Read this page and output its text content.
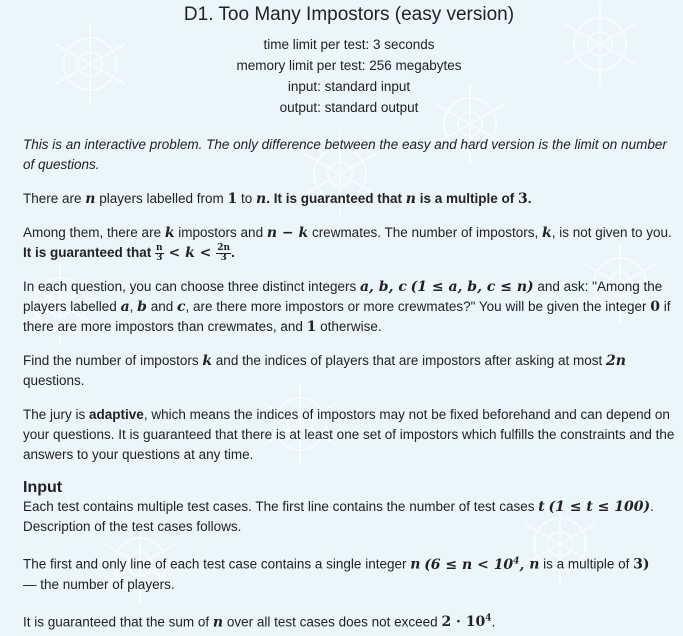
D1. Too Many Impostors (easy version)
time limit per test: 3 seconds
memory limit per test: 256 megabytes
input: standard input
output: standard output

This is an interactive problem. The only difference between the easy and hard version is the limit on number of questions.

There are n players labelled from 1 to n. It is guaranteed that n is a multiple of 3.

Among them, there are k impostors and n − k crewmates. The number of impostors, k, is not given to you. It is guaranteed that $\frac{n}{3} < k < \frac{2n}{3}$ .

In each question, you can choose three distinct integers a, b, c (1 ≤ a, b, c ≤ n) and ask: "Among the players labelled a, b and c, are there more impostors or more crewmates?" You will be given the integer 0 if there are more impostors than crewmates, and 1 otherwise.

Find the number of impostors k and the indices of players that are impostors after asking at most 2n questions.

The jury is adaptive, which means the indices of impostors may not be fixed beforehand and can depend on your questions. It is guaranteed that there is at least one set of impostors which fulfills the constraints and the answers to your questions at any time.

Input

Each test contains multiple test cases. The first line contains the number of test cases t (1 ≤ t ≤ 100). Description of the test cases follows.

The first and only line of each test case contains a single integer n ($6 \le n < 10^4$, n is a multiple of 3)
— the number of players.

It is guaranteed that the sum of n over all test cases does not exceed $2 \cdot 10^4$.
